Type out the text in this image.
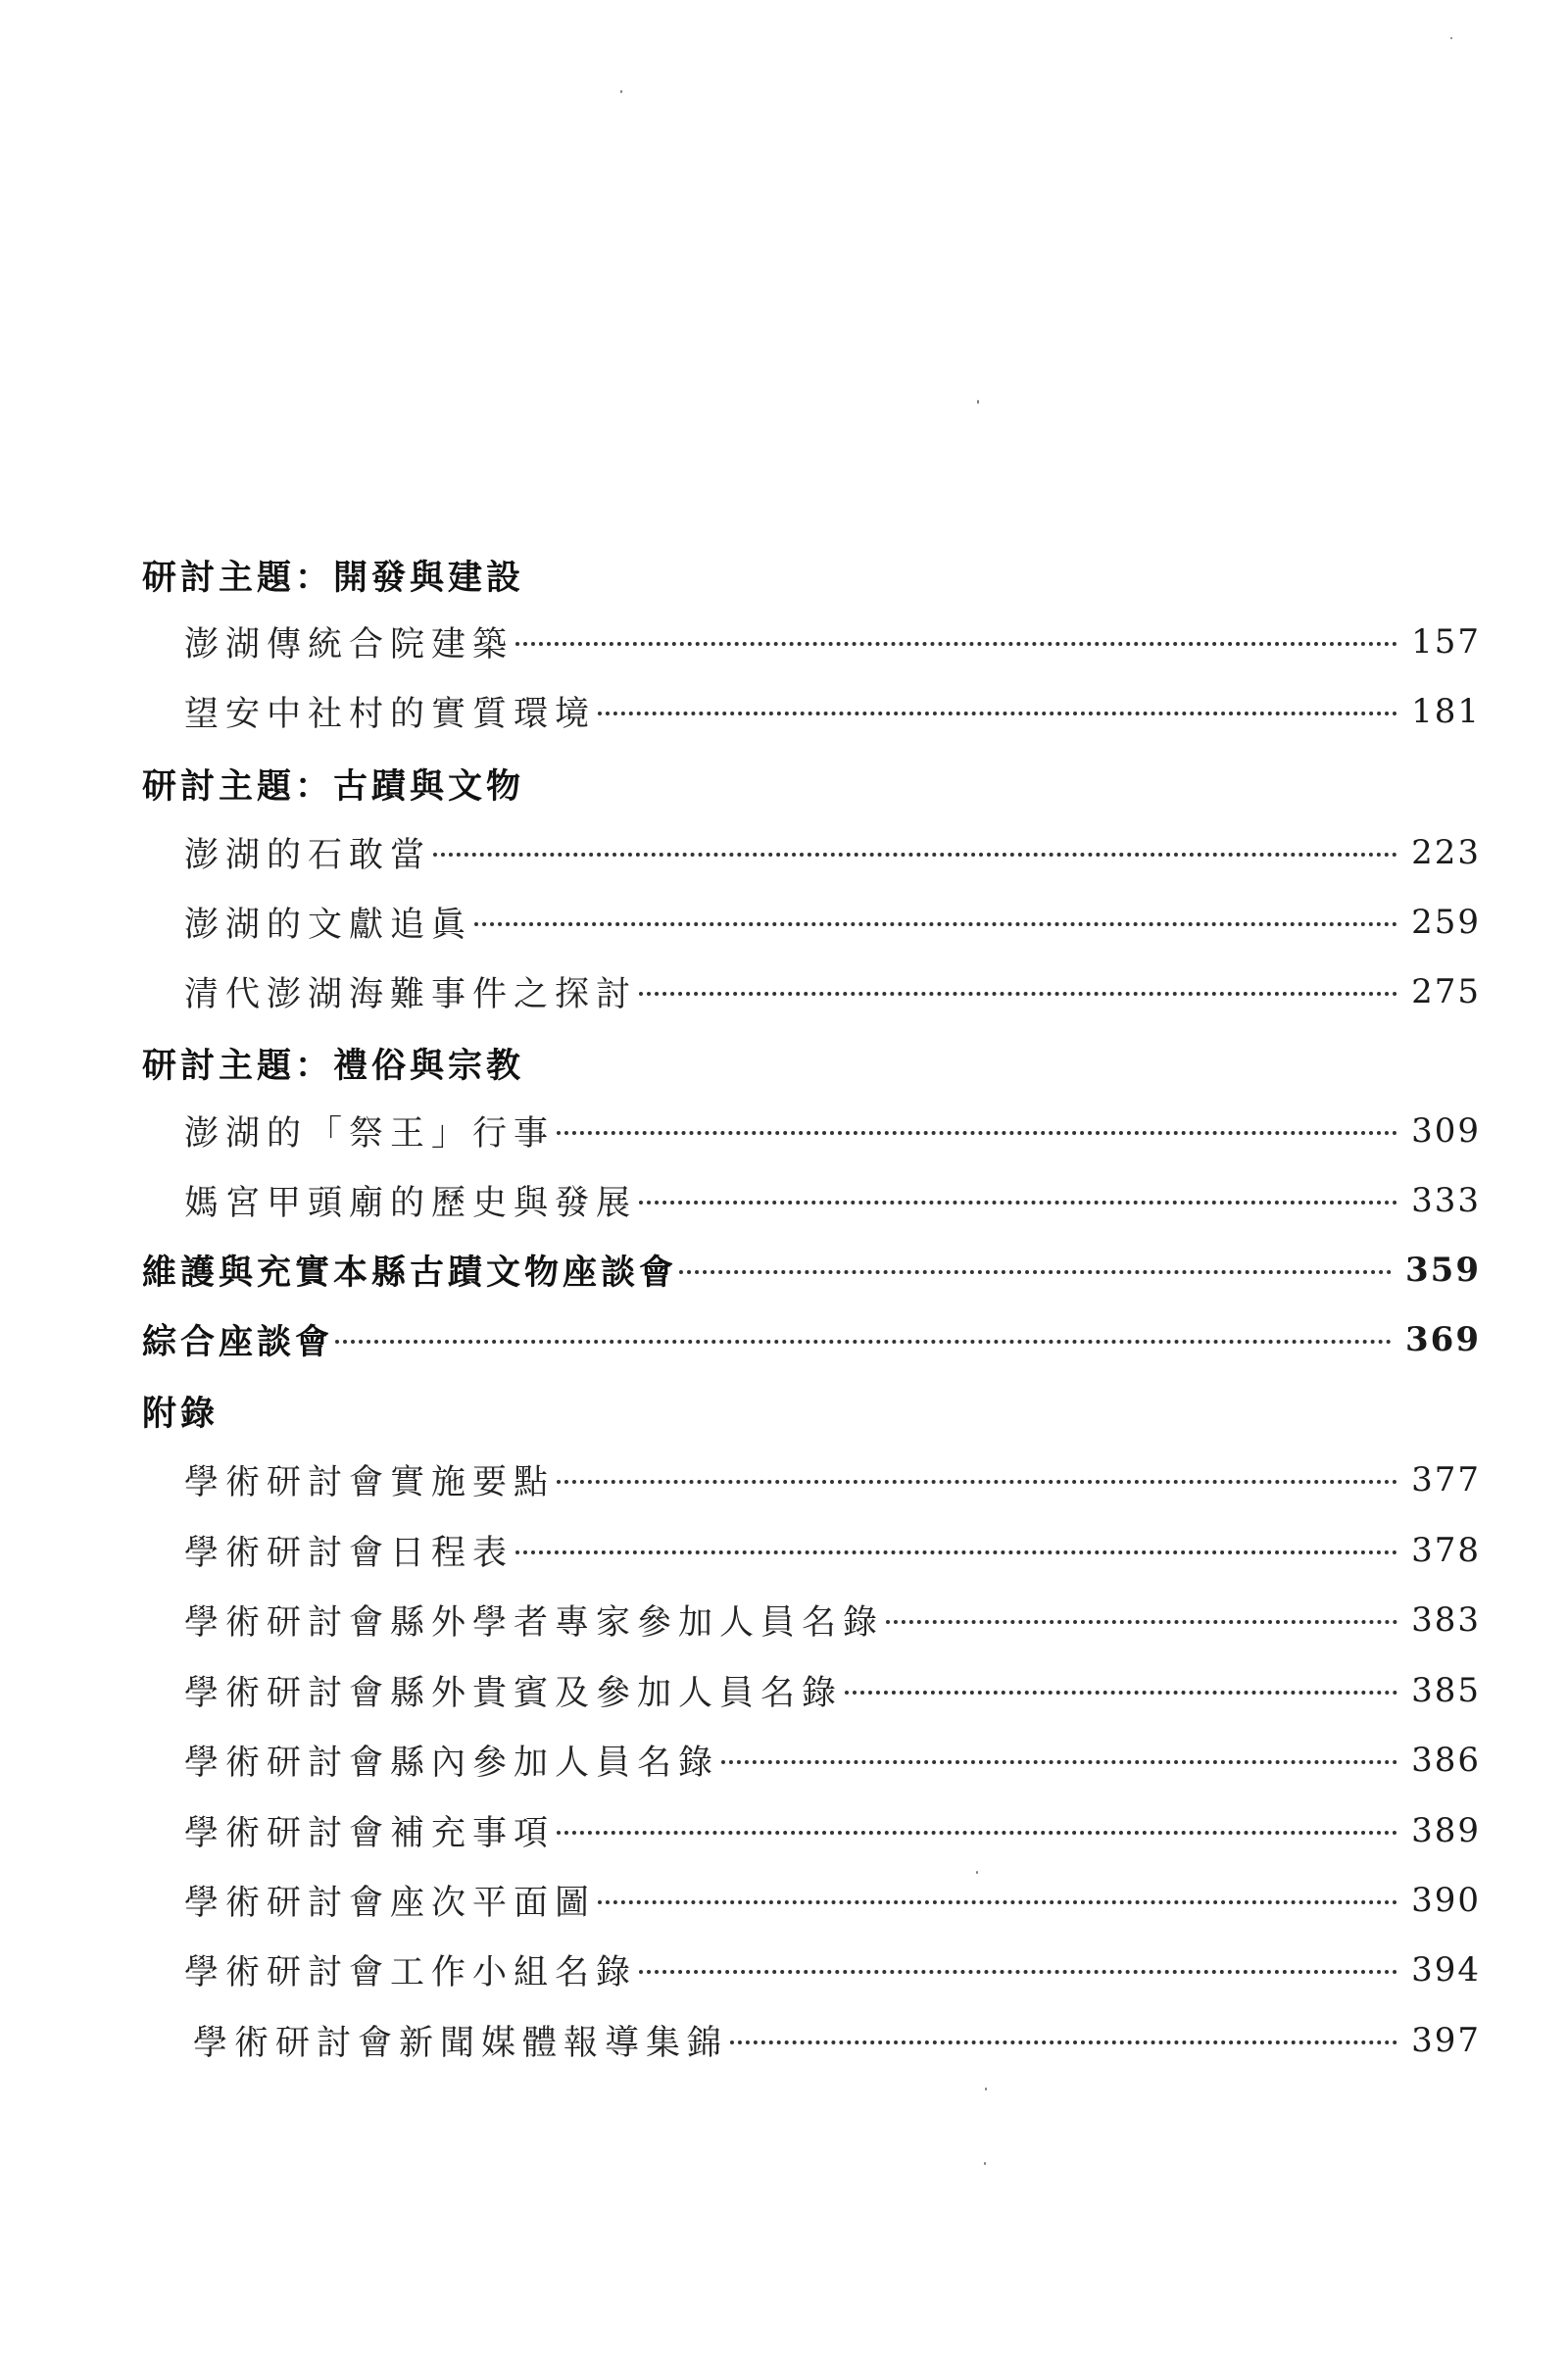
研討主題：開發與建設
澎湖傳統合院建築	157
望安中社村的實質環境	181
研討主題：古蹟與文物
澎湖的石敢當	223
澎湖的文獻追眞	259
清代澎湖海難事件之探討	275
研討主題：禮俗與宗教
澎湖的「祭王」行事	309
媽宮甲頭廟的歷史與發展	333
維護與充實本縣古蹟文物座談會	359
綜合座談會	369
附錄
學術研討會實施要點	377
學術研討會日程表	378
學術研討會縣外學者專家參加人員名錄	383
學術研討會縣外貴賓及參加人員名錄	385
學術研討會縣內參加人員名錄	386
學術研討會補充事項	389
學術研討會座次平面圖	390
學術研討會工作小組名錄	394
學術研討會新聞媒體報導集錦	397
